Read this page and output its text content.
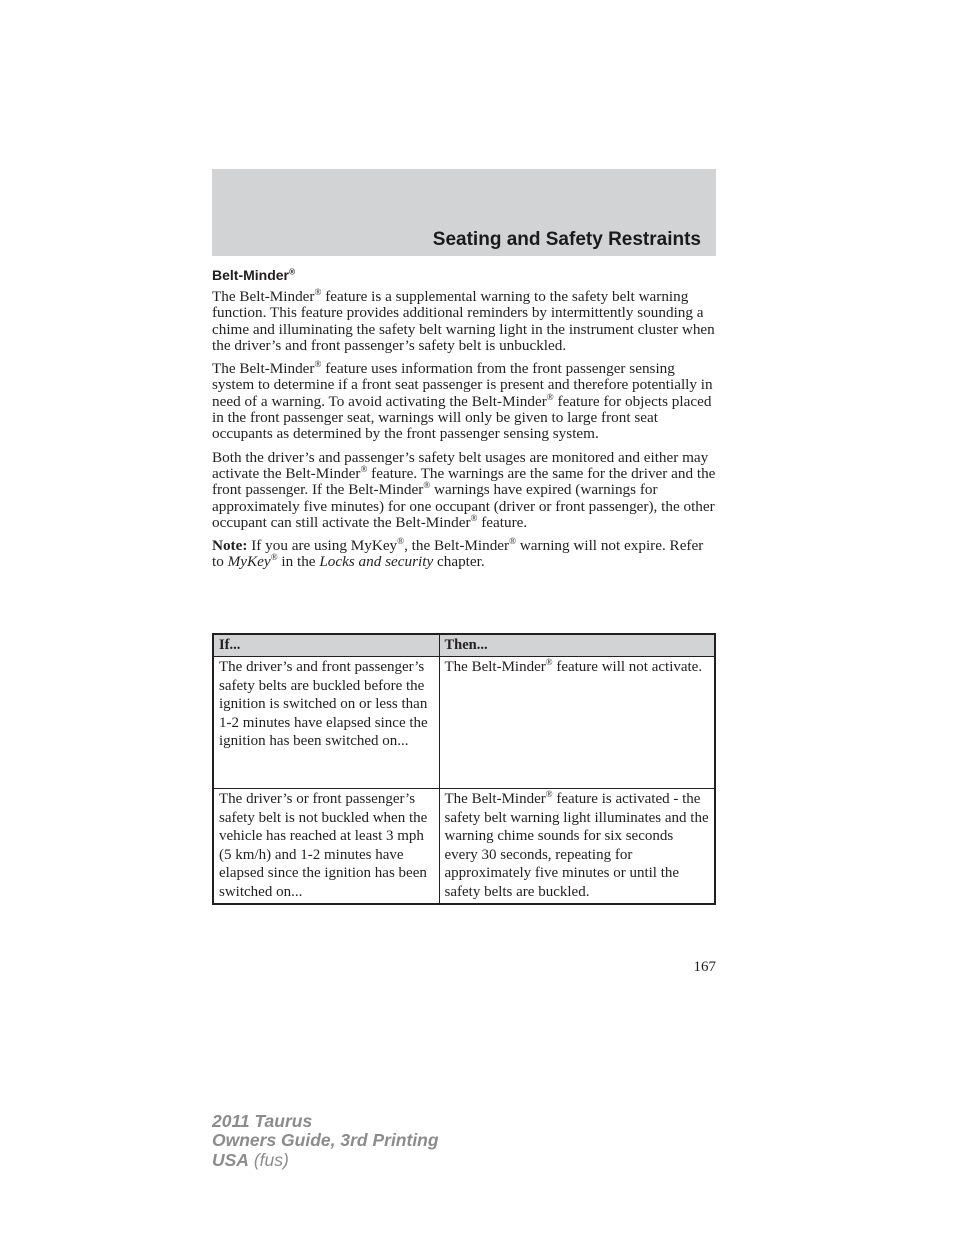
Seating and Safety Restraints
Belt-Minder®

The Belt-Minder® feature is a supplemental warning to the safety belt warning function. This feature provides additional reminders by intermittently sounding a chime and illuminating the safety belt warning light in the instrument cluster when the driver’s and front passenger’s safety belt is unbuckled.

The Belt-Minder® feature uses information from the front passenger sensing system to determine if a front seat passenger is present and therefore potentially in need of a warning. To avoid activating the Belt-Minder® feature for objects placed in the front passenger seat, warnings will only be given to large front seat occupants as determined by the front passenger sensing system.

Both the driver’s and passenger’s safety belt usages are monitored and either may activate the Belt-Minder® feature. The warnings are the same for the driver and the front passenger. If the Belt-Minder® warnings have expired (warnings for approximately five minutes) for one occupant (driver or front passenger), the other occupant can still activate the Belt-Minder® feature.

Note: If you are using MyKey®, the Belt-Minder® warning will not expire. Refer to MyKey® in the Locks and security chapter.

If...	Then...
The driver’s and front passenger’s safety belts are buckled before the ignition is switched on or less than 1-2 minutes have elapsed since the ignition has been switched on...	The Belt-Minder® feature will not activate.
The driver’s or front passenger’s safety belt is not buckled when the vehicle has reached at least 3 mph (5 km/h) and 1-2 minutes have elapsed since the ignition has been switched on...	The Belt-Minder® feature is activated - the safety belt warning light illuminates and the warning chime sounds for six seconds every 30 seconds, repeating for approximately five minutes or until the safety belts are buckled.
167
2011 Taurus
Owners Guide, 3rd Printing
USA (fus)
